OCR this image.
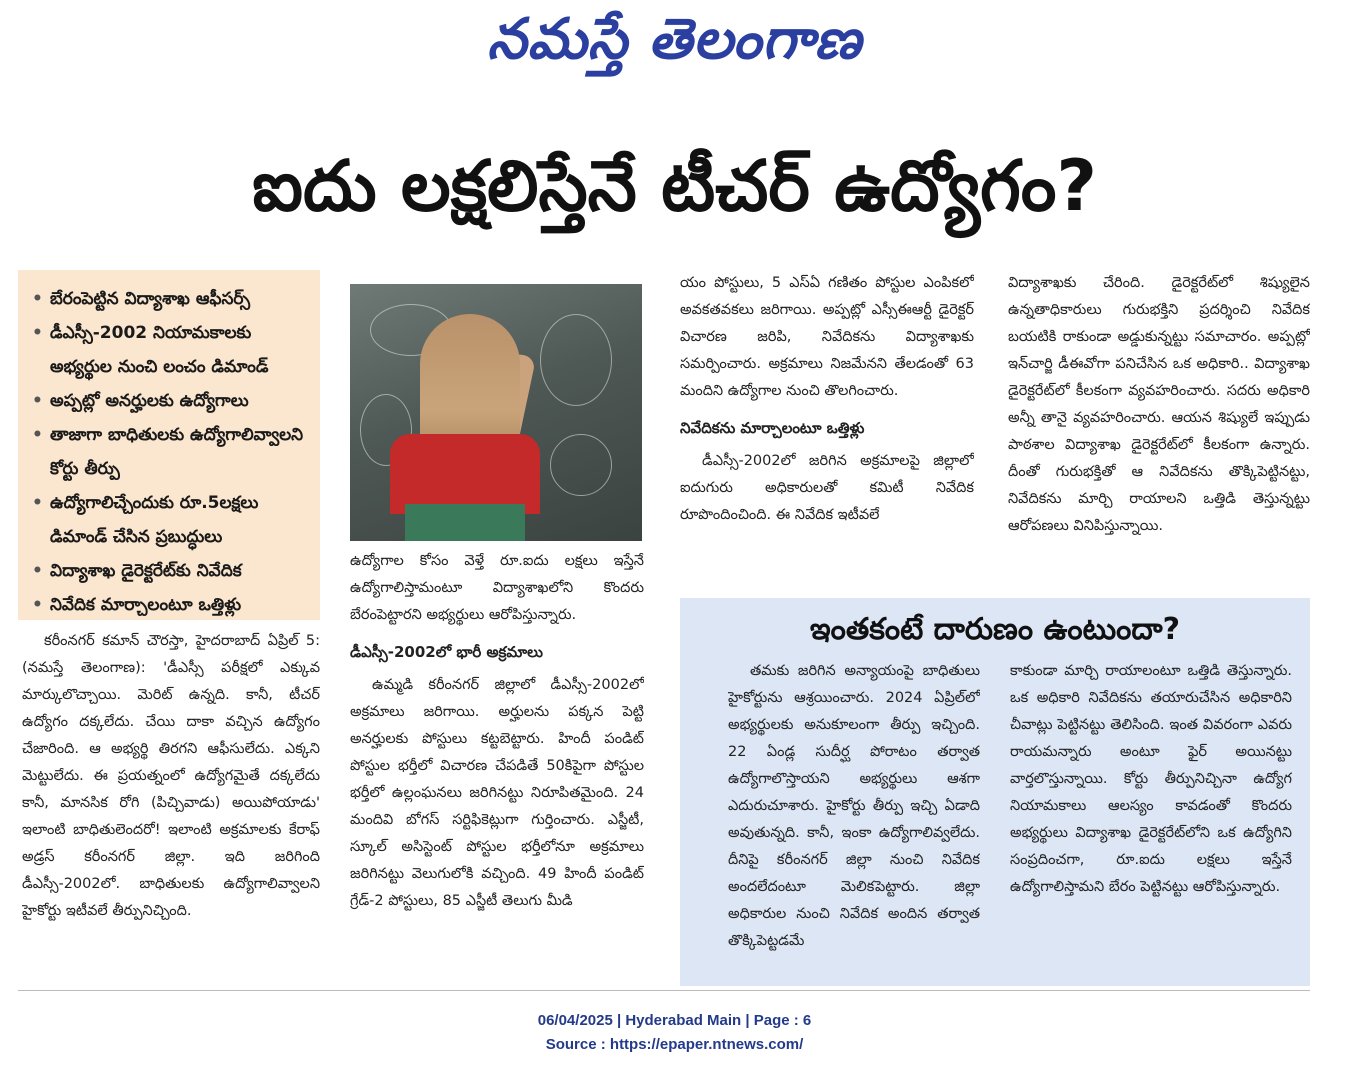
నమస్తే తెలంగాణ
ఐదు లక్షలిస్తేనే టీచర్ ఉద్యోగం?
• బేరంపెట్టిన విద్యాశాఖ ఆఫీసర్స్
• డీఎస్సీ-2002 నియామకాలకు అభ్యర్థుల నుంచి లంచం డిమాండ్
• అప్పట్లో అనర్హులకు ఉద్యోగాలు
• తాజాగా బాధితులకు ఉద్యోగాలివ్వాలని కోర్టు తీర్పు
• ఉద్యోగాలిచ్చేందుకు రూ.5లక్షలు డిమాండ్ చేసిన ప్రబుద్ధులు
• విద్యాశాఖ డైరెక్టరేట్‌కు నివేదిక
• నివేదిక మార్చాలంటూ ఒత్తిళ్లు

కరీంనగర్ కమాన్ చౌరస్తా, హైదరాబాద్ ఏప్రిల్ 5: (నమస్తే తెలంగాణ): 'డీఎస్సీ పరీక్షలో ఎక్కువ మార్కులొచ్చాయి. మెరిట్ ఉన్నది. కానీ, టీచర్ ఉద్యోగం దక్కలేదు. చేయి దాకా వచ్చిన ఉద్యోగం చేజారింది. ఆ అభ్యర్థి తిరగని ఆఫీసులేదు. ఎక్కని మెట్టులేదు. ఈ ప్రయత్నంలో ఉద్యోగమైతే దక్కలేదు కానీ, మానసిక రోగి (పిచ్చివాడు) అయిపోయాడు' ఇలాంటి బాధితులెందరో! ఇలాంటి అక్రమాలకు కేరాఫ్ అడ్రస్ కరీంనగర్ జిల్లా. ఇది జరిగింది డీఎస్సీ-2002లో. బాధితులకు ఉద్యోగాలివ్వాలని హైకోర్టు ఇటీవలే తీర్పునిచ్చింది.

ఉద్యోగాల కోసం వెళ్తే రూ.ఐదు లక్షలు ఇస్తేనే ఉద్యోగాలిస్తామంటూ విద్యాశాఖలోని కొందరు బేరంపెట్టారని అభ్యర్థులు ఆరోపిస్తున్నారు.

డీఎస్సీ-2002లో భారీ అక్రమాలు

ఉమ్మడి కరీంనగర్ జిల్లాలో డీఎస్సీ-2002లో అక్రమాలు జరిగాయి. అర్హులను పక్కన పెట్టి అనర్హులకు పోస్టులు కట్టబెట్టారు. హిందీ పండిట్ పోస్టుల భర్తీలో విచారణ చేపడితే 50కిపైగా పోస్టుల భర్తీలో ఉల్లంఘనలు జరిగినట్టు నిరూపితమైంది. 24 మందివి బోగస్ సర్టిఫికెట్లుగా గుర్తించారు. ఎస్జీటీ, స్కూల్ అసిస్టెంట్ పోస్టుల భర్తీలోనూ అక్రమాలు జరిగినట్టు వెలుగులోకి వచ్చింది. 49 హిందీ పండిట్ గ్రేడ్-2 పోస్టులు, 85 ఎస్జీటీ తెలుగు మీడి

యం పోస్టులు, 5 ఎస్ఏ గణితం పోస్టుల ఎంపికలో అవకతవకలు జరిగాయి. అప్పట్లో ఎస్సీఈఆర్టీ డైరెక్టర్ విచారణ జరిపి, నివేదికను విద్యాశాఖకు సమర్పించారు. అక్రమాలు నిజమేనని తేలడంతో 63 మందిని ఉద్యోగాల నుంచి తొలగించారు.

నివేదికను మార్చాలంటూ ఒత్తిళ్లు

డీఎస్సీ-2002లో జరిగిన అక్రమాలపై జిల్లాలో ఐదుగురు అధికారులతో కమిటీ నివేదిక రూపొందించింది. ఈ నివేదిక ఇటీవలే

విద్యాశాఖకు చేరింది. డైరెక్టరేట్‌లో శిష్యులైన ఉన్నతాధికారులు గురుభక్తిని ప్రదర్శించి నివేదిక బయటికి రాకుండా అడ్డుకున్నట్టు సమాచారం. అప్పట్లో ఇన్‌చార్జి డీఈవోగా పనిచేసిన ఒక అధికారి.. విద్యాశాఖ డైరెక్టరేట్‌లో కీలకంగా వ్యవహరించారు. సదరు అధికారి అన్నీ తానై వ్యవహరించారు. ఆయన శిష్యులే ఇప్పుడు పాఠశాల విద్యాశాఖ డైరెక్టరేట్‌లో కీలకంగా ఉన్నారు. దీంతో గురుభక్తితో ఆ నివేదికను తొక్కిపెట్టినట్టు, నివేదికను మార్చి రాయాలని ఒత్తిడి తెస్తున్నట్టు ఆరోపణలు వినిపిస్తున్నాయి.

ఇంతకంటే దారుణం ఉంటుందా?

తమకు జరిగిన అన్యాయంపై బాధితులు హైకోర్టును ఆశ్రయించారు. 2024 ఏప్రిల్‌లో అభ్యర్థులకు అనుకూలంగా తీర్పు ఇచ్చింది. 22 ఏండ్ల సుదీర్ఘ పోరాటం తర్వాత ఉద్యోగాలొస్తాయని అభ్యర్థులు ఆశగా ఎదురుచూశారు. హైకోర్టు తీర్పు ఇచ్చి ఏడాది అవుతున్నది. కానీ, ఇంకా ఉద్యోగాలివ్వలేదు. దీనిపై కరీంనగర్ జిల్లా నుంచి నివేదిక అందలేదంటూ మెలికపెట్టారు. జిల్లా అధికారుల నుంచి నివేదిక అందిన తర్వాత తొక్కిపెట్టడమే

కాకుండా మార్చి రాయాలంటూ ఒత్తిడి తెస్తున్నారు. ఒక అధికారి నివేదికను తయారుచేసిన అధికారిని చీవాట్లు పెట్టినట్టు తెలిసింది. ఇంత వివరంగా ఎవరు రాయమన్నారు అంటూ ఫైర్ అయినట్టు వార్తలొస్తున్నాయి. కోర్టు తీర్పునిచ్చినా ఉద్యోగ నియామకాలు ఆలస్యం కావడంతో కొందరు అభ్యర్థులు విద్యాశాఖ డైరెక్టరేట్‌లోని ఒక ఉద్యోగిని సంప్రదించగా, రూ.ఐదు లక్షలు ఇస్తేనే ఉద్యోగాలిస్తామని బేరం పెట్టినట్టు ఆరోపిస్తున్నారు.

06/04/2025 | Hyderabad Main | Page : 6
Source : https://epaper.ntnews.com/
